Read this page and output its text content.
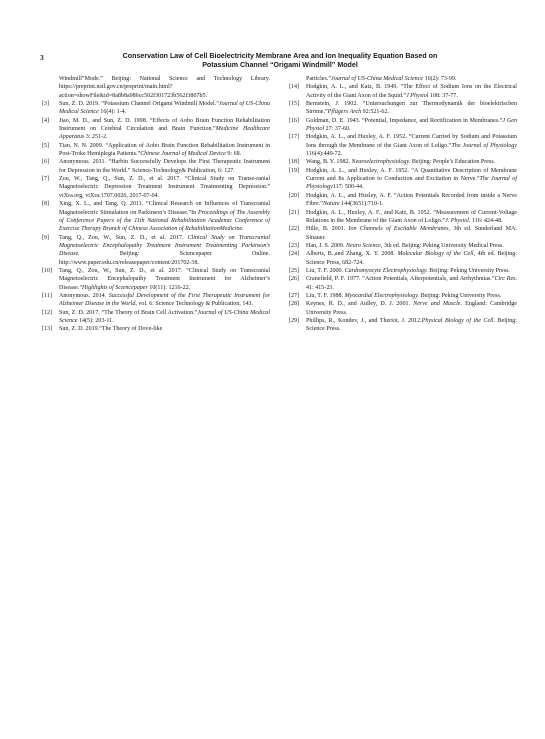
3	Conservation Law of Cell Bioelectricity Membrane Area and Ion Inequality Equation Based on
Potassium Channel “Origami Windmill” Model
Windmill”Mode.” Beijing: National Science and Technology Library. https://preprint.nstl.gov.cn/preprint/main.html?action=showFile&id=8a8b8a986cc502f301723b562f3807b5.
[3]	Sun, Z. D. 2019. “Potassium Channel Origami Windmill Model.”Journal of US-China Medical Science 16(4): 1-4.
[4]	Jiao, M. D., and Sun, Z. D. 1998. “Effects of Aobo Brain Function Rehabilitation Instrument on Cerebral Circulation and Brain Function.”Medicine Healthcare Apparatus 3: 251-2.
[5]	Tian, N. N. 2009. “Application of Aobo Brain Function Rehabilitation Instrument in Post-Troke Hemiplegia Patients.”Chinese Journal of Medical Device 9: 68.
[6]	Anonymous. 2011. “Harbin Successfully Develops the First Therapeutic Instrument for Depression in the World.” Science-Technology& Publication, 6: 127.
[7]	Zou, W., Tang, Q., Sun, Z. D., et al. 2017. “Clinical Study on Transe-ranial Magnetoelectric Depression Treatment Instrument Treatmenting Depression.” viXra.org, viXra:1707.0026, 2017-07-04.
[8]	Xing, X. L., and Tang, Q. 2011. “Clinical Research on Influences of Transcranial Magnetoelectric Stimulation on Parkinson’s Disease.”In Proceedings of The Assembly of Conference Papers of the 11th National Rehabilitation Academic Conference of Exercise Therapy Branch of Chinese Association of RehabilitationMedicine.
[9]	Tang, Q., Zou, W., Sun, Z. D., et al. 2017. Clinical Study on Transcranial Magnetoelectric Encephalopathy Treatment Instrument Treatmenting Parkinson’s Disease. Beijing: Sciencepaper Online. http://www.paper.edu.cn/releasepaper/content/201702-38.
[10]	Tang, Q., Zou, W., Sun, Z. D., et al. 2017. “Clinical Study on Transcranial Magnetoelectric Encephalopathy Treatment Instrument for Alzheimer’s Disease.”Highlights of Sciencepaper 10(11): 1216-22.
[11]	Anonymous. 2014. Successful Development of the First Therapeutic Instrument for Alzheimer Disease in the World, vol. 6: Science Technology & Publication, 143.
[12]	Sun, Z. D. 2017. “The Theory of Brain Cell Activation.”Journal of US-China Medical Science 14(5): 203-11.
[13]	Sun, Z. D. 2019.“The Theory of Dove-like
Particles.”Journal of US-China Medical Science 16(2): 73-99.
[14]	Hodgkin, A. L., and Katz, B. 1949. “The Effect of Sodium Ions on the Electrical Activity of the Giant Axon of the Squid.”J Physiol 108: 37-77.
[15]	Bernstein, J. 1902. “Untersuchungen zur Thermodynamik der bioelektrischen Ströme.”Pflügers Arch 92:521-62.
[16]	Goldman, D. E. 1943. “Potential, Impedance, and Rectification in Membranes.”J Gen Physiol 27: 37-60.
[17]	Hodgkin, A. L., and Huxley, A. F. 1952. “Current Carried by Sodium and Potassium Ions through the Membrane of the Giant Axon of Loligo.”The Journal of Physiology 116(4):449-72.
[18]	Wang, B. Y. 1982. Neuroelectrophysiology. Beijing: People’s Education Press.
[19]	Hodgkin, A. L., and Huxley, A. F. 1952. “A Quantitative Description of Membrane Current and Its Application to Conduction and Excitation in Nerve.”The Journal of Physiology117: 500-44.
[20]	Hodgkin, A. L., and Huxley, A. F. “Action Potentials Recorded from inside a Nerve Fibre.”Nature 144(3651):710-1.
[21]	Hodgkin, A. L., Huxley, A. F., and Katz, B. 1952. “Measurement of Current-Voltage Relations in the Membrane of the Giant Axon of Loligo.”J. Physiol. 116: 424-48.
[22]	Hille, B. 2001. Ion Channels of Excitable Membranes, 3th ed. Sunderland MA: Sinauer.
[23]	Han, J. S. 2009. Neuro Science, 3th ed. Beijing: Peking University Medical Press.
[24]	Alberts, B.,and Zhang, X. Y. 2008. Molecular Biology of the Cell, 4th ed. Beijing: Science Press, 682-724.
[25]	Liu, T. F. 2000. Cardiomyocyte Electrophysiology. Beijing: Peking University Press.
[26]	Cranefield, P. F. 1977. “Action Potentials, Afterpotentials, and Arrhythmias.”Circ Res. 41: 415-23.
[27]	Liu, T. F. 1988. Myocardial Electrophysiology. Beijing: Peking University Press.
[28]	Keynes, R. D., and Aidley, D. J. 2001. Nerve and Muscle. England: Cambridge University Press.
[29]	Phillips, R., Kondev, J., and Theriot, J. 2012.Physical Biology of the Cell. Beijing: Science Press.
